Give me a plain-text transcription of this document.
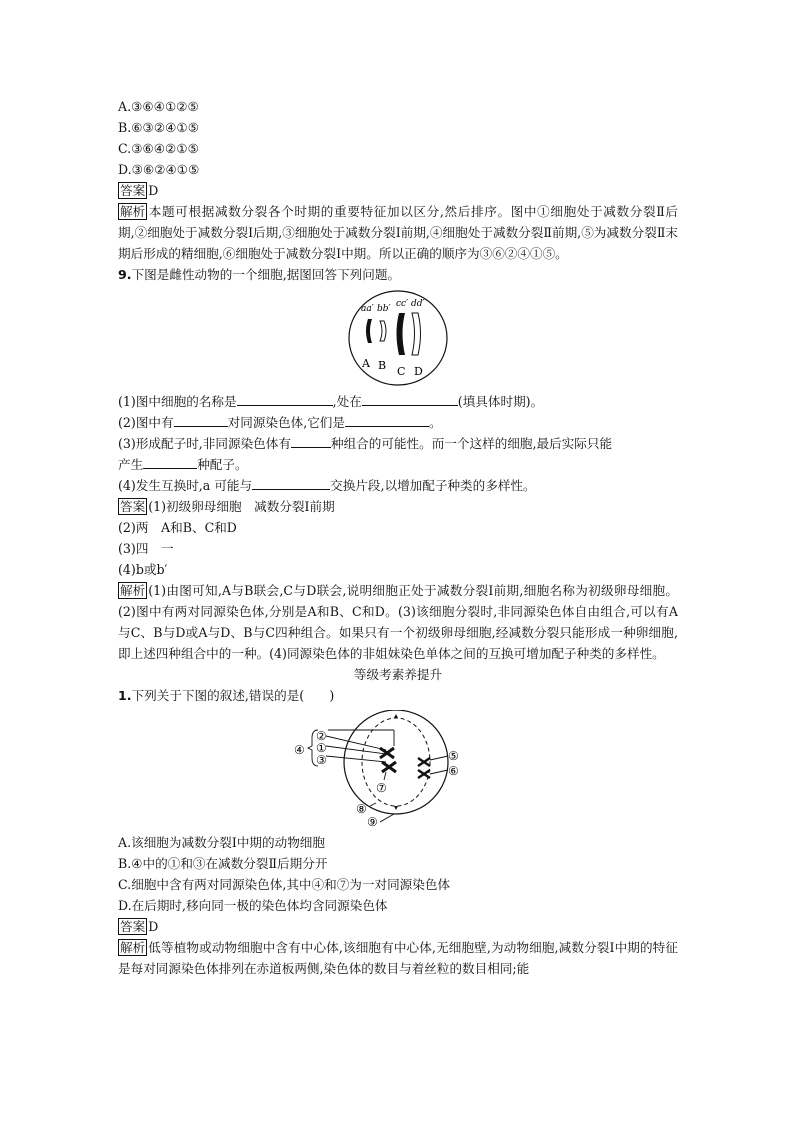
A.③⑥④①②⑤
B.⑥③②④①⑤
C.③⑥④②①⑤
D.③⑥②④①⑤
答案 D
解析 本题可根据减数分裂各个时期的重要特征加以区分,然后排序。图中①细胞处于减数分裂Ⅱ后期,②细胞处于减数分裂Ⅰ后期,③细胞处于减数分裂Ⅰ前期,④细胞处于减数分裂Ⅱ前期,⑤为减数分裂Ⅱ末期后形成的精细胞,⑥细胞处于减数分裂Ⅰ中期。所以正确的顺序为③⑥②④①⑤。
9.下图是雌性动物的一个细胞,据图回答下列问题。
aa′ bb′ cc′ dd′
A B C D
(1)图中细胞的名称是	,处在	(填具体时期)。
(2)图中有	对同源染色体,它们是	。
(3)形成配子时,非同源染色体有	种组合的可能性。而一个这样的细胞,最后实际只能
产生	种配子。
(4)发生互换时,a 可能与	交换片段,以增加配子种类的多样性。
答案 (1)初级卵母细胞　减数分裂Ⅰ前期
(2)两　A和B、C和D
(3)四　一
(4)b或b′
解析 (1)由图可知,A与B联会,C与D联会,说明细胞正处于减数分裂Ⅰ前期,细胞名称为初级卵母细胞。(2)图中有两对同源染色体,分别是A和B、C和D。(3)该细胞分裂时,非同源染色体自由组合,可以有A与C、B与D或A与D、B与C四种组合。如果只有一个初级卵母细胞,经减数分裂只能形成一种卵细胞,即上述四种组合中的一种。(4)同源染色体的非姐妹染色单体之间的互换可增加配子种类的多样性。
等级考素养提升
1.下列关于下图的叙述,错误的是(　　)
②
①
③
④	⑤
⑥
⑦
⑧
⑨
A.该细胞为减数分裂Ⅰ中期的动物细胞
B.④中的①和③在减数分裂Ⅱ后期分开
C.细胞中含有两对同源染色体,其中④和⑦为一对同源染色体
D.在后期时,移向同一极的染色体均含同源染色体
答案 D
解析 低等植物或动物细胞中含有中心体,该细胞有中心体,无细胞壁,为动物细胞,减数分裂Ⅰ中期的特征是每对同源染色体排列在赤道板两侧,染色体的数目与着丝粒的数目相同;能
